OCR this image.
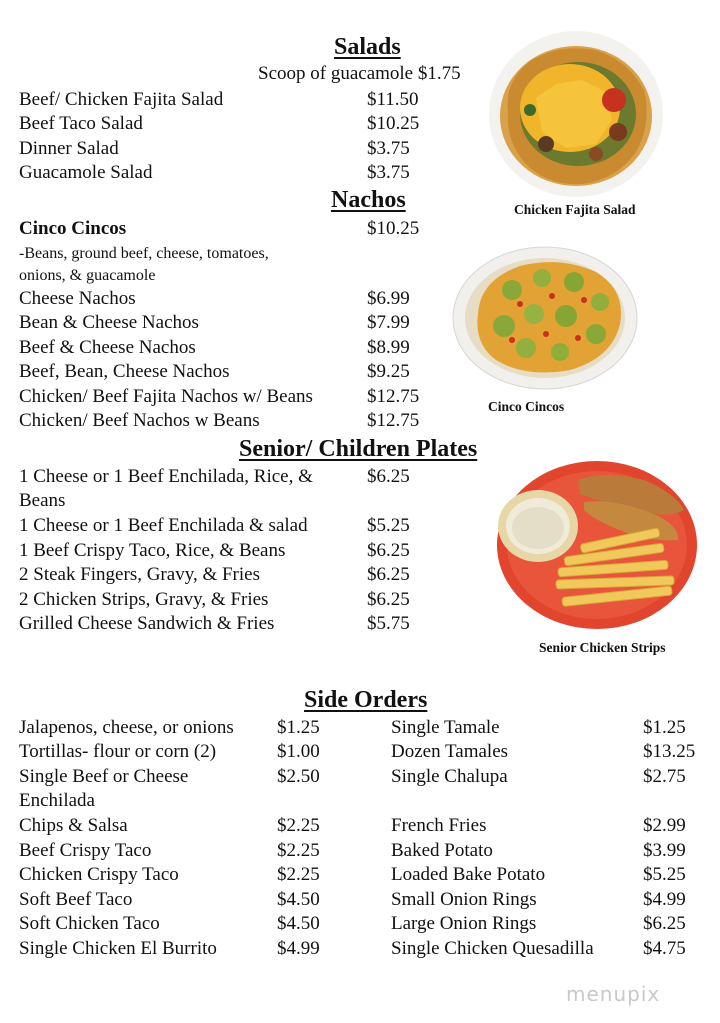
Salads
Scoop of guacamole $1.75
Beef/ Chicken Fajita Salad	$11.50
Beef Taco Salad	$10.25
Dinner Salad	$3.75
Guacamole Salad	$3.75
Chicken Fajita Salad
Nachos
Cinco Cincos	$10.25
-Beans, ground beef, cheese, tomatoes,
onions, & guacamole
Cheese Nachos	$6.99
Bean & Cheese Nachos	$7.99
Beef & Cheese Nachos	$8.99
Beef, Bean, Cheese Nachos	$9.25
Chicken/ Beef Fajita Nachos w/ Beans	$12.75
Chicken/ Beef Nachos w Beans	$12.75
Cinco Cincos
Senior/ Children Plates
1 Cheese or 1 Beef Enchilada, Rice, &
Beans
$6.25
1 Cheese or 1 Beef Enchilada & salad	$5.25
1 Beef Crispy Taco, Rice, & Beans	$6.25
2 Steak Fingers, Gravy, & Fries	$6.25
2 Chicken Strips, Gravy, & Fries	$6.25
Grilled Cheese Sandwich & Fries	$5.75
Senior Chicken Strips
Side Orders
Jalapenos, cheese, or onions $1.25
Tortillas- flour or corn (2)	$1.00
Single Beef or Cheese
Enchilada
$2.50
Chips & Salsa	$2.25
Beef Crispy Taco	$2.25
Chicken Crispy Taco	$2.25
Soft Beef Taco	$4.50
Soft Chicken Taco	$4.50
Single Chicken El Burrito	$4.99
Single Tamale	$1.25
Dozen Tamales	$13.25
Single Chalupa	$2.75
French Fries	$2.99
Baked Potato	$3.99
Loaded Bake Potato	$5.25
Small Onion Rings	$4.99
Large Onion Rings	$6.25
Single Chicken Quesadilla	$4.75
menupix
